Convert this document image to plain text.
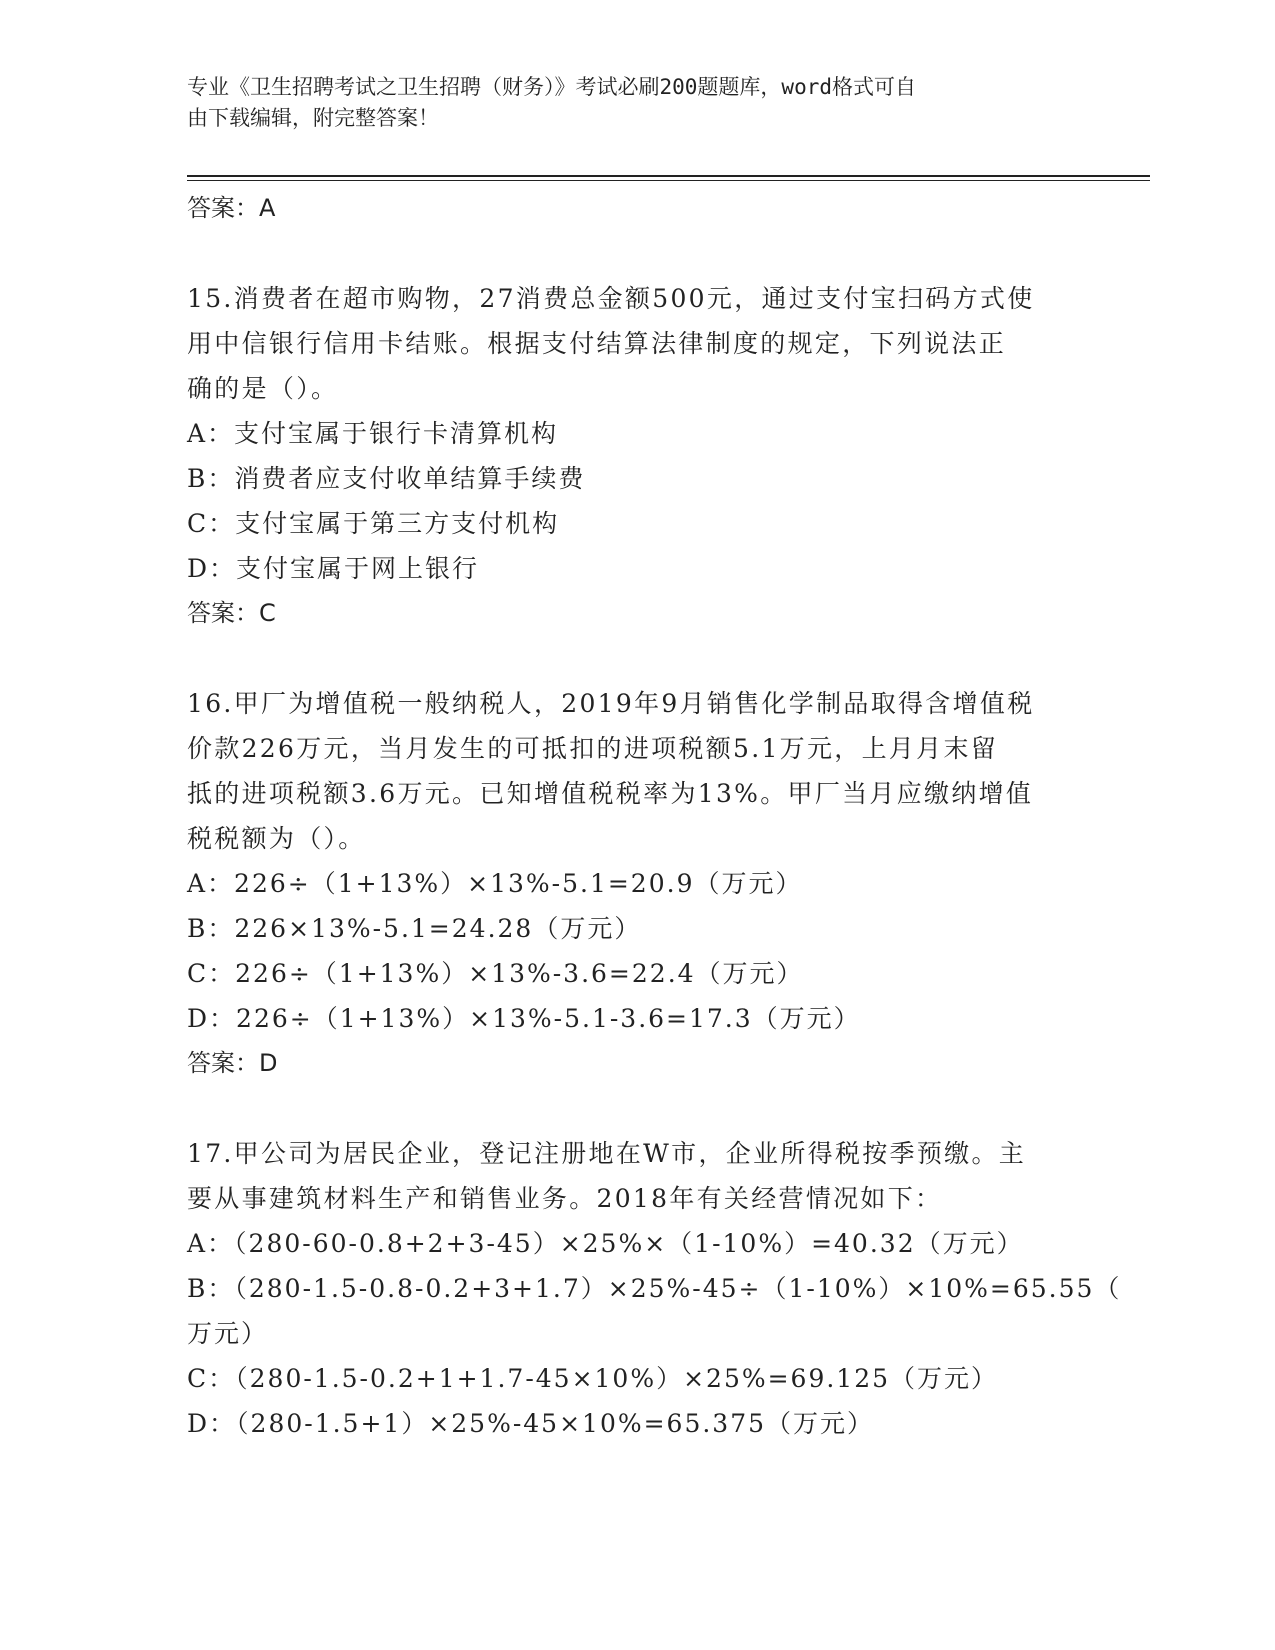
专业《卫生招聘考试之卫生招聘（财务）》考试必刷200题题库，word格式可自
由下载编辑，附完整答案！
答案：A
15.消费者在超市购物，27消费总金额500元，通过支付宝扫码方式使
用中信银行信用卡结账。根据支付结算法律制度的规定，下列说法正
确的是（）。
A：支付宝属于银行卡清算机构
B：消费者应支付收单结算手续费
C：支付宝属于第三方支付机构
D：支付宝属于网上银行
答案：C
16.甲厂为增值税一般纳税人，2019年9月销售化学制品取得含增值税
价款226万元，当月发生的可抵扣的进项税额5.1万元，上月月末留
抵的进项税额3.6万元。已知增值税税率为13%。甲厂当月应缴纳增值
税税额为（）。
A：226÷（1+13%）×13%-5.1=20.9（万元）
B：226×13%-5.1=24.28（万元）
C：226÷（1+13%）×13%-3.6=22.4（万元）
D：226÷（1+13%）×13%-5.1-3.6=17.3（万元）
答案：D
17.甲公司为居民企业，登记注册地在W市，企业所得税按季预缴。主
要从事建筑材料生产和销售业务。2018年有关经营情况如下：
A：（280-60-0.8+2+3-45）×25%×（1-10%）=40.32（万元）
B：（280-1.5-0.8-0.2+3+1.7）×25%-45÷（1-10%）×10%=65.55（
万元）
C：（280-1.5-0.2+1+1.7-45×10%）×25%=69.125（万元）
D：（280-1.5+1）×25%-45×10%=65.375（万元）
